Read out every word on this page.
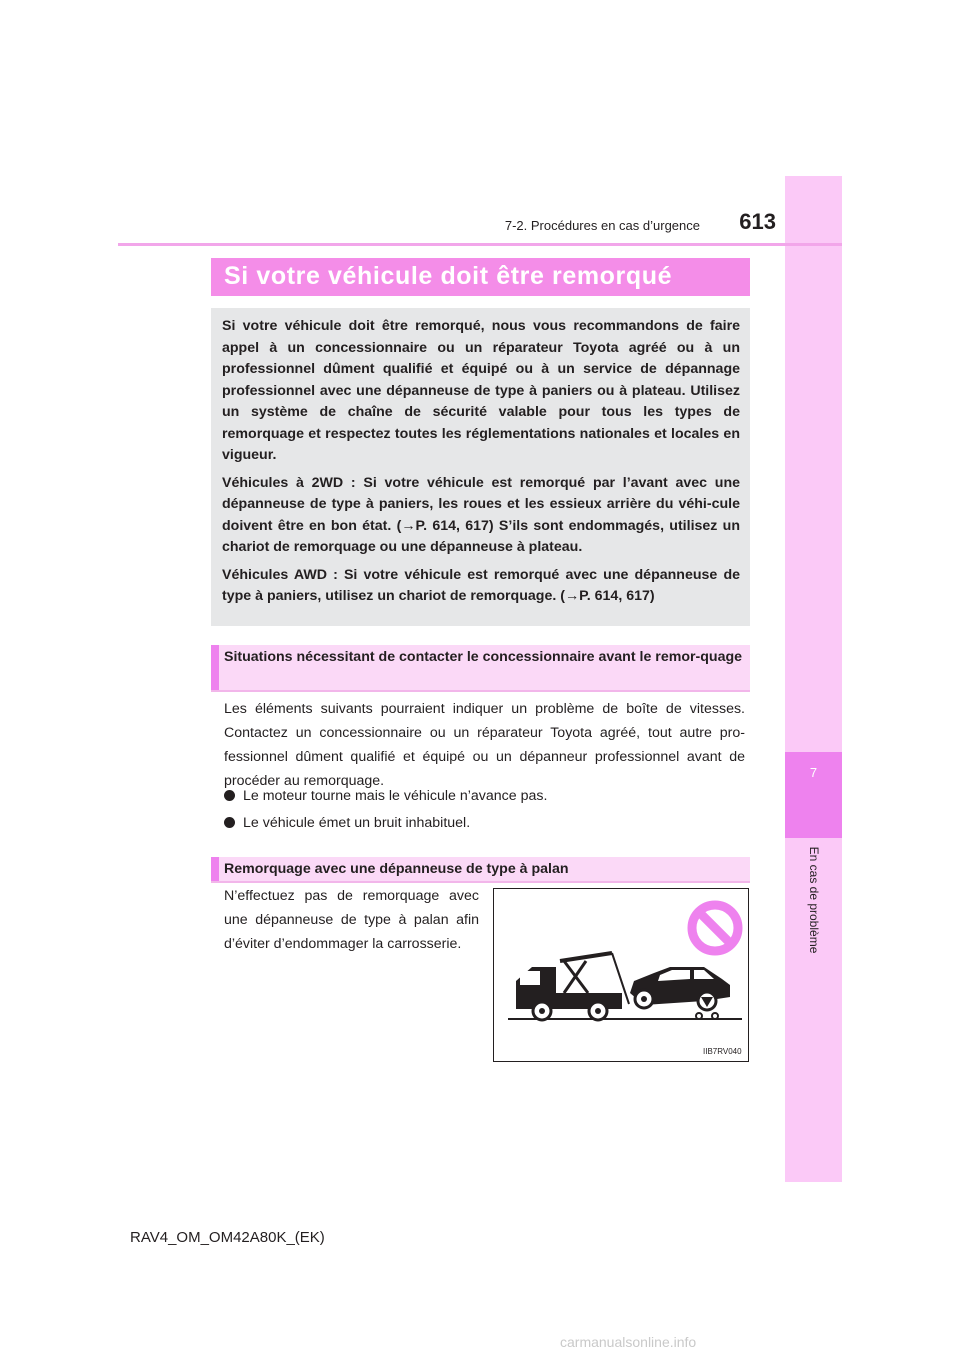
7
En cas de problème
7-2. Procédures en cas d’urgence	613
Si votre véhicule doit être remorqué

Si votre véhicule doit être remorqué, nous vous recommandons de faire appel à un concessionnaire ou un réparateur Toyota agréé ou à un professionnel dûment qualifié et équipé ou à un service de dépannage professionnel avec une dépanneuse de type à paniers ou à plateau. Utilisez un système de chaîne de sécurité valable pour tous les types de remorquage et respectez toutes les réglementations nationales et locales en vigueur.

Véhicules à 2WD : Si votre véhicule est remorqué par l’avant avec une dépanneuse de type à paniers, les roues et les essieux arrière du véhi-cule doivent être en bon état. (→P. 614, 617) S’ils sont endommagés, utilisez un chariot de remorquage ou une dépanneuse à plateau.

Véhicules AWD : Si votre véhicule est remorqué avec une dépanneuse de type à paniers, utilisez un chariot de remorquage. (→P. 614, 617)

Situations nécessitant de contacter le concessionnaire avant le remor-quage
Les éléments suivants pourraient indiquer un problème de boîte de vitesses. Contactez un concessionnaire ou un réparateur Toyota agréé, tout autre pro-fessionnel dûment qualifié et équipé ou un dépanneur professionnel avant de procéder au remorquage.
Le moteur tourne mais le véhicule n’avance pas.
Le véhicule émet un bruit inhabituel.
Remorquage avec une dépanneuse de type à palan
N’effectuez pas de remorquage avec une dépanneuse de type à palan afin d’éviter d’endommager la carrosserie.
IIB7RV040
RAV4_OM_OM42A80K_(EK)
carmanualsonline.info
